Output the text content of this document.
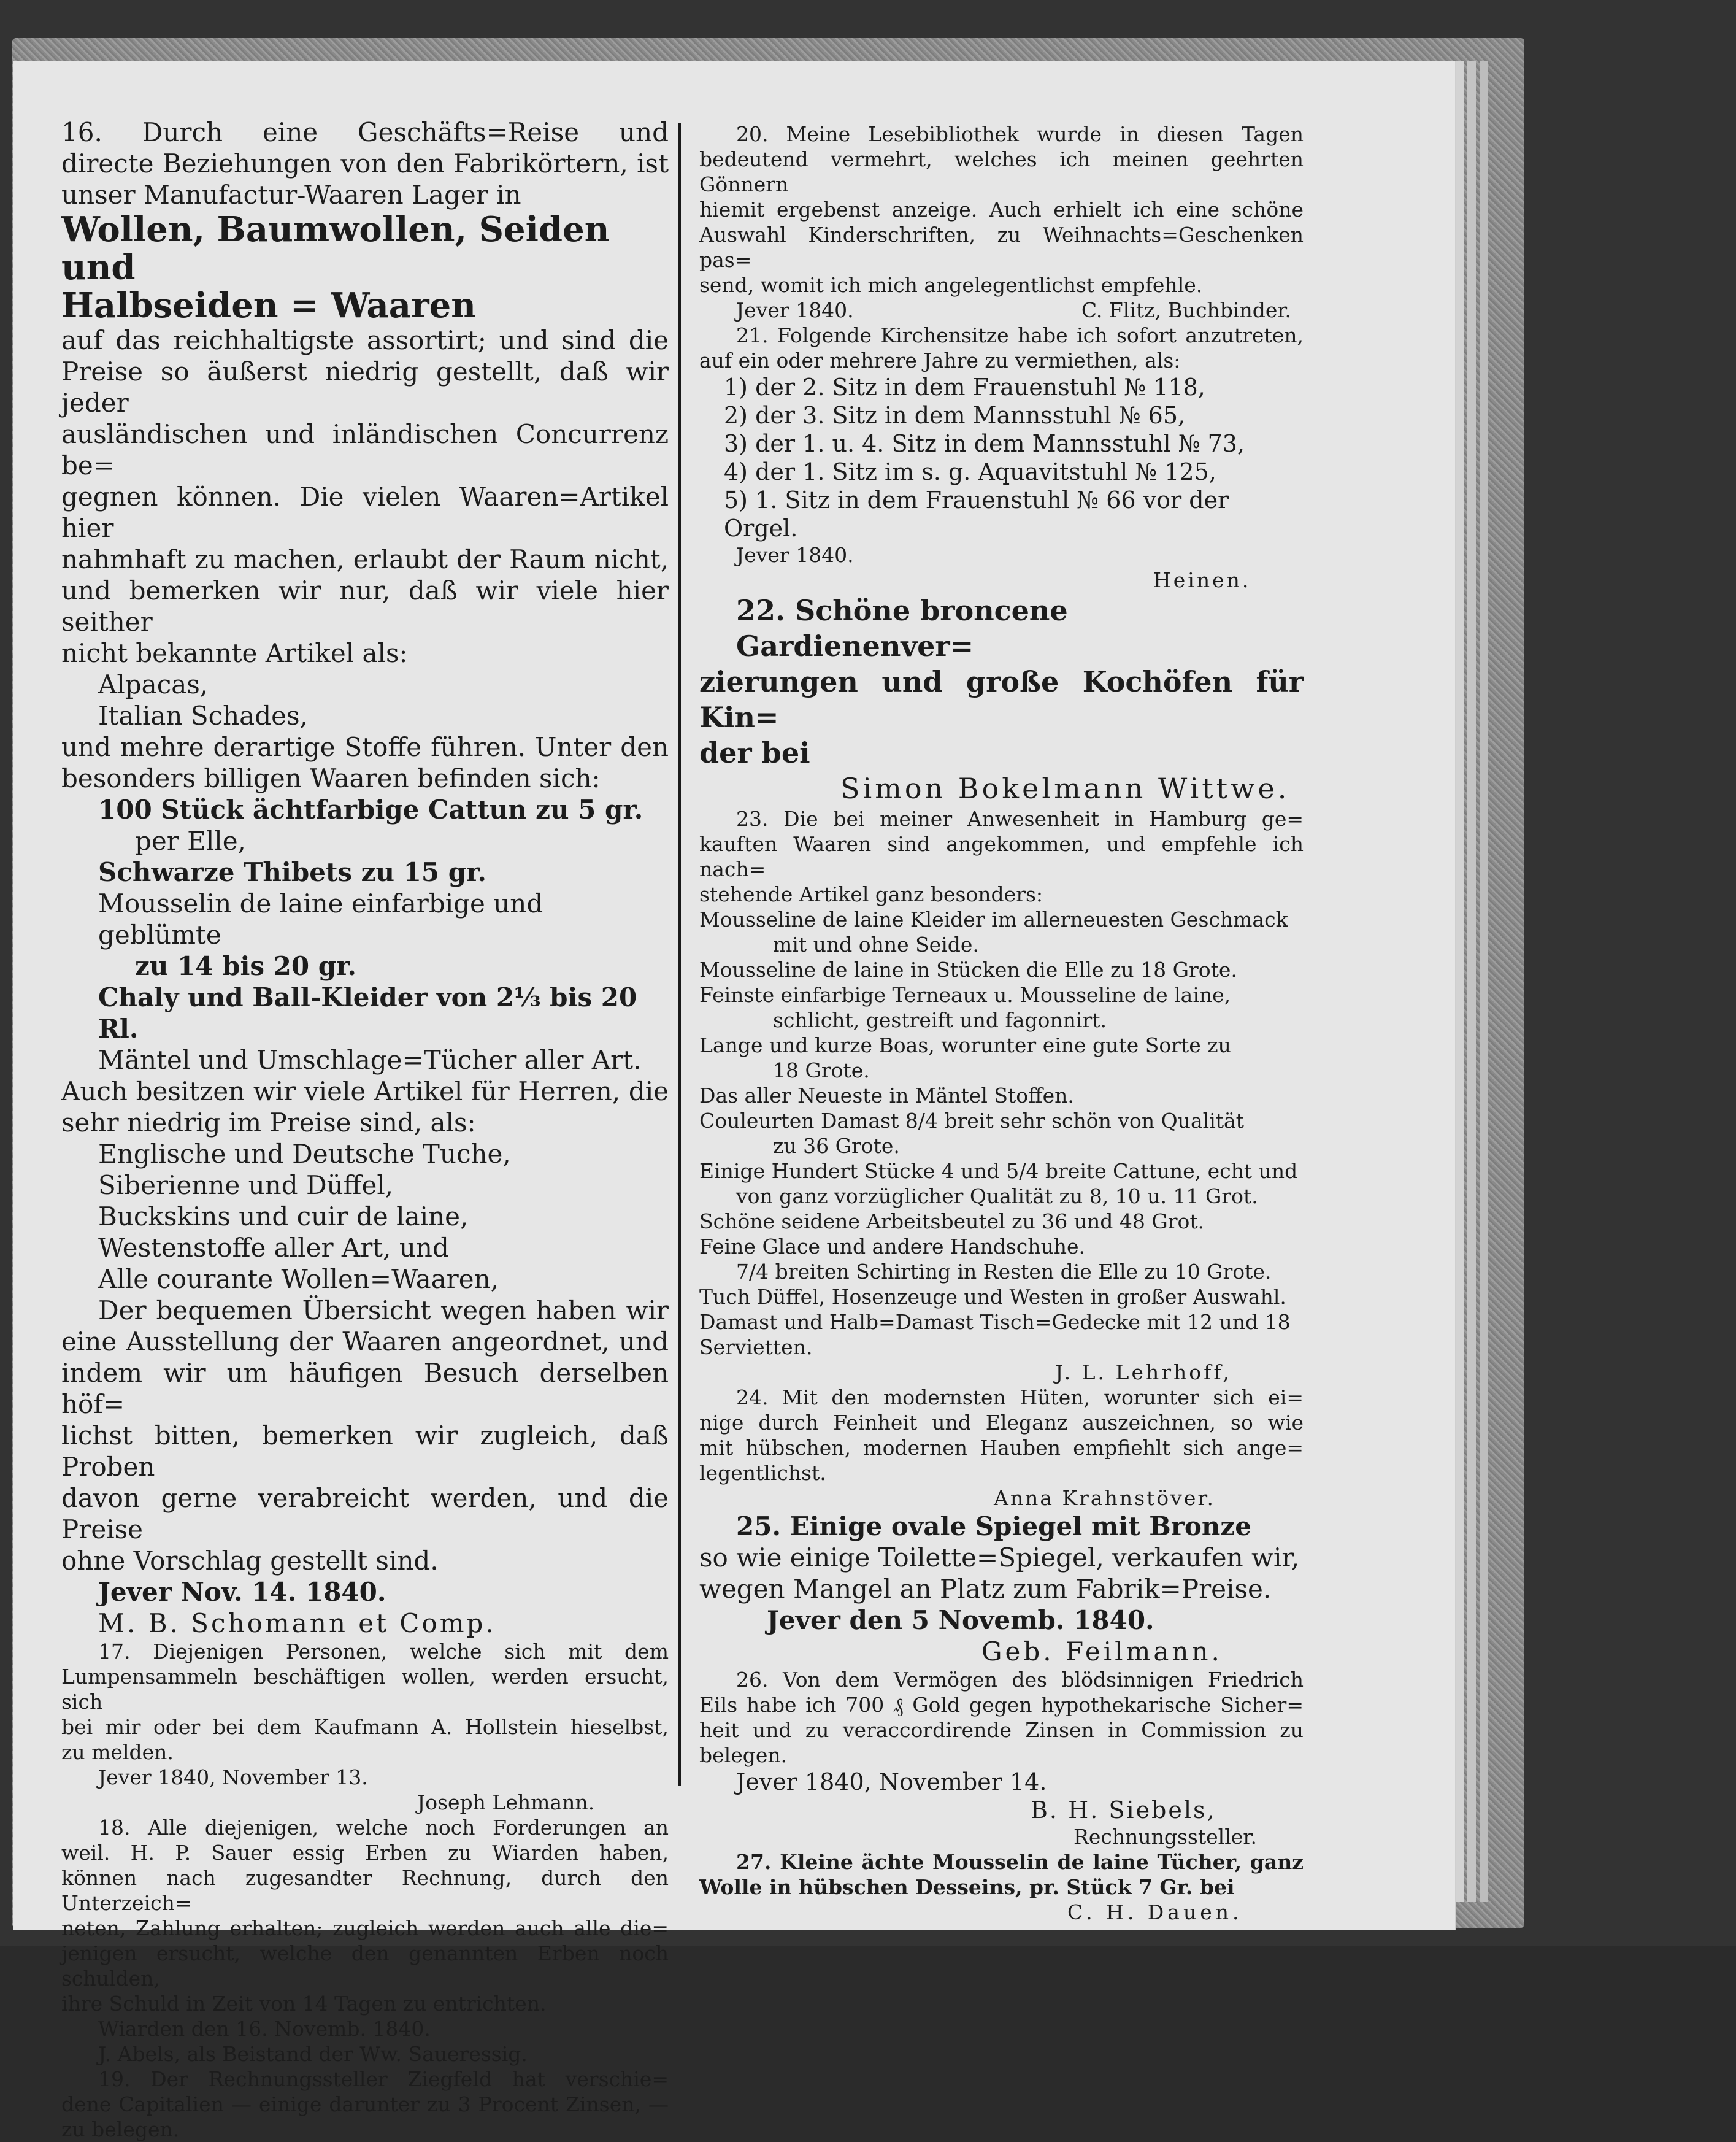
16. Durch eine Geschäfts=Reise und
directe Beziehungen von den Fabrikörtern, ist
unser Manufactur-Waaren Lager in
Wollen, Baumwollen, Seiden und
Halbseiden = Waaren
auf das reichhaltigste assortirt; und sind die
Preise so äußerst niedrig gestellt, daß wir jeder
ausländischen und inländischen Concurrenz be=
gegnen können. Die vielen Waaren=Artikel hier
nahmhaft zu machen, erlaubt der Raum nicht,
und bemerken wir nur, daß wir viele hier seither
nicht bekannte Artikel als:
Alpacas,
Italian Schades,
und mehre derartige Stoffe führen. Unter den
besonders billigen Waaren befinden sich:
100 Stück ächtfarbige Cattun zu 5 gr.
per Elle,
Schwarze Thibets zu 15 gr.
Mousselin de laine einfarbige und geblümte
zu 14 bis 20 gr.
Chaly und Ball-Kleider von 2⅓ bis 20 Rl.
Mäntel und Umschlage=Tücher aller Art.
Auch besitzen wir viele Artikel für Herren, die
sehr niedrig im Preise sind, als:
Englische und Deutsche Tuche,
Siberienne und Düffel,
Buckskins und cuir de laine,
Westenstoffe aller Art, und
Alle courante Wollen=Waaren,
Der bequemen Übersicht wegen haben wir
eine Ausstellung der Waaren angeordnet, und
indem wir um häufigen Besuch derselben höf=
lichst bitten, bemerken wir zugleich, daß Proben
davon gerne verabreicht werden, und die Preise
ohne Vorschlag gestellt sind.
Jever Nov. 14. 1840.
M. B. Schomann et Comp.
17. Diejenigen Personen, welche sich mit dem
Lumpensammeln beschäftigen wollen, werden ersucht, sich
bei mir oder bei dem Kaufmann A. Hollstein hieselbst,
zu melden.
Jever 1840, November 13.
Joseph Lehmann.
18. Alle diejenigen, welche noch Forderungen an
weil. H. P. Sauer essig Erben zu Wiarden haben,
können nach zugesandter Rechnung, durch den Unterzeich=
neten, Zahlung erhalten; zugleich werden auch alle die=
jenigen ersucht, welche den genannten Erben noch schulden,
ihre Schuld in Zeit von 14 Tagen zu entrichten.
Wiarden den 16. Novemb. 1840.
J. Abels, als Beistand der Ww. Saueressig.
19. Der Rechnungssteller Ziegfeld hat verschie=
dene Capitalien — einige darunter zu 3 Procent Zinsen, —
zu belegen.
20. Meine Lesebibliothek wurde in diesen Tagen
bedeutend vermehrt, welches ich meinen geehrten Gönnern
hiemit ergebenst anzeige. Auch erhielt ich eine schöne
Auswahl Kinderschriften, zu Weihnachts=Geschenken pas=
send, womit ich mich angelegentlichst empfehle.
Jever 1840.	C. Flitz, Buchbinder.
21. Folgende Kirchensitze habe ich sofort anzutreten,
auf ein oder mehrere Jahre zu vermiethen, als:
1) der 2. Sitz in dem Frauenstuhl № 118,
2) der 3. Sitz in dem Mannsstuhl № 65,
3) der 1. u. 4. Sitz in dem Mannsstuhl № 73,
4) der 1. Sitz im s. g. Aquavitstuhl № 125,
5) 1. Sitz in dem Frauenstuhl № 66 vor der Orgel.
Jever 1840.
Heinen.
22. Schöne broncene Gardienenver=
zierungen und große Kochöfen für Kin=
der bei
Simon Bokelmann Wittwe.
23. Die bei meiner Anwesenheit in Hamburg ge=
kauften Waaren sind angekommen, und empfehle ich nach=
stehende Artikel ganz besonders:
Mousseline de laine Kleider im allerneuesten Geschmack
mit und ohne Seide.
Mousseline de laine in Stücken die Elle zu 18 Grote.
Feinste einfarbige Terneaux u. Mousseline de laine,
schlicht, gestreift und fagonnirt.
Lange und kurze Boas, worunter eine gute Sorte zu
18 Grote.
Das aller Neueste in Mäntel Stoffen.
Couleurten Damast 8/4 breit sehr schön von Qualität
zu 36 Grote.
Einige Hundert Stücke 4 und 5/4 breite Cattune, echt und
von ganz vorzüglicher Qualität zu 8, 10 u. 11 Grot.
Schöne seidene Arbeitsbeutel zu 36 und 48 Grot.
Feine Glace und andere Handschuhe.
7/4 breiten Schirting in Resten die Elle zu 10 Grote.
Tuch Düffel, Hosenzeuge und Westen in großer Auswahl.
Damast und Halb=Damast Tisch=Gedecke mit 12 und 18
Servietten.
J. L. Lehrhoff,
24. Mit den modernsten Hüten, worunter sich ei=
nige durch Feinheit und Eleganz auszeichnen, so wie
mit hübschen, modernen Hauben empfiehlt sich ange=
legentlichst.
Anna Krahnstöver.
25. Einige ovale Spiegel mit Bronze
so wie einige Toilette=Spiegel, verkaufen wir,
wegen Mangel an Platz zum Fabrik=Preise.
Jever den 5 Novemb. 1840.
Geb. Feilmann.
26. Von dem Vermögen des blödsinnigen Friedrich
Eils habe ich 700 ₰ Gold gegen hypothekarische Sicher=
heit und zu veraccordirende Zinsen in Commission zu
belegen.
Jever 1840, November 14.
B. H. Siebels,
Rechnungssteller.
27. Kleine ächte Mousselin de laine Tücher, ganz
Wolle in hübschen Desseins, pr. Stück 7 Gr. bei
C. H. Dauen.
